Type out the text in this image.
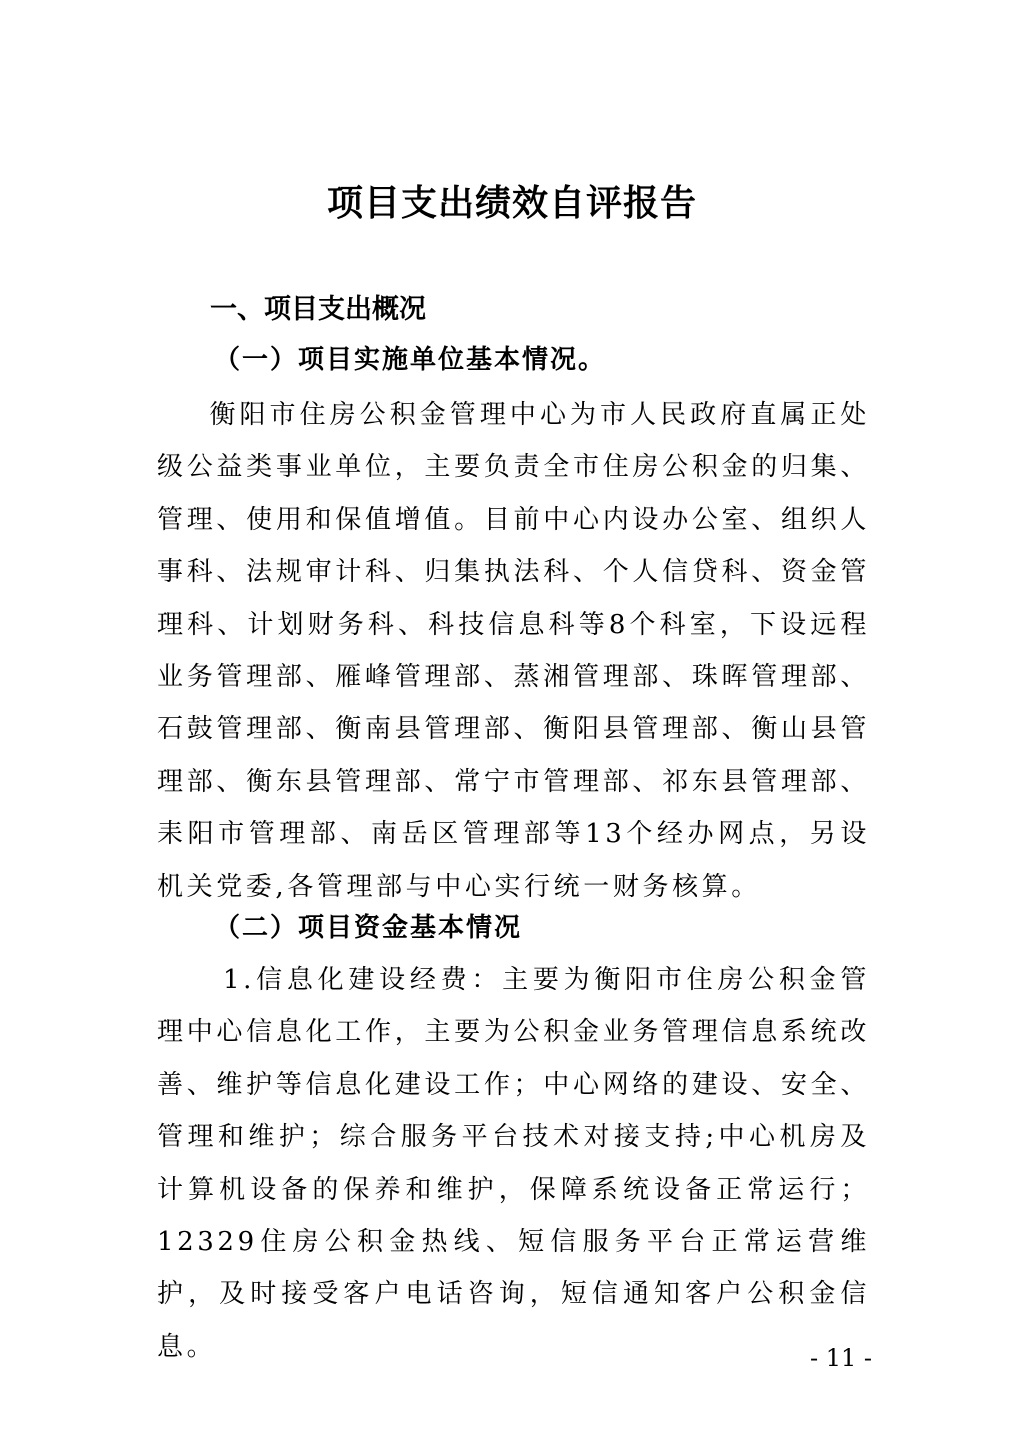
项目支出绩效自评报告
一、项目支出概况
（一）项目实施单位基本情况。

衡阳市住房公积金管理中心为市人民政府直属正处级公益类事业单位，主要负责全市住房公积金的归集、管理、使用和保值增值。目前中心内设办公室、组织人事科、法规审计科、归集执法科、个人信贷科、资金管理科、计划财务科、科技信息科等8个科室，下设远程业务管理部、雁峰管理部、蒸湘管理部、珠晖管理部、石鼓管理部、衡南县管理部、衡阳县管理部、衡山县管理部、衡东县管理部、常宁市管理部、祁东县管理部、耒阳市管理部、南岳区管理部等13个经办网点，另设机关党委,各管理部与中心实行统一财务核算。

（二）项目资金基本情况

1.信息化建设经费：主要为衡阳市住房公积金管理中心信息化工作，主要为公积金业务管理信息系统改善、维护等信息化建设工作；中心网络的建设、安全、管理和维护；综合服务平台技术对接支持;中心机房及计算机设备的保养和维护，保障系统设备正常运行；12329住房公积金热线、短信服务平台正常运营维护，及时接受客户电话咨询，短信通知客户公积金信息。	- 11 -
